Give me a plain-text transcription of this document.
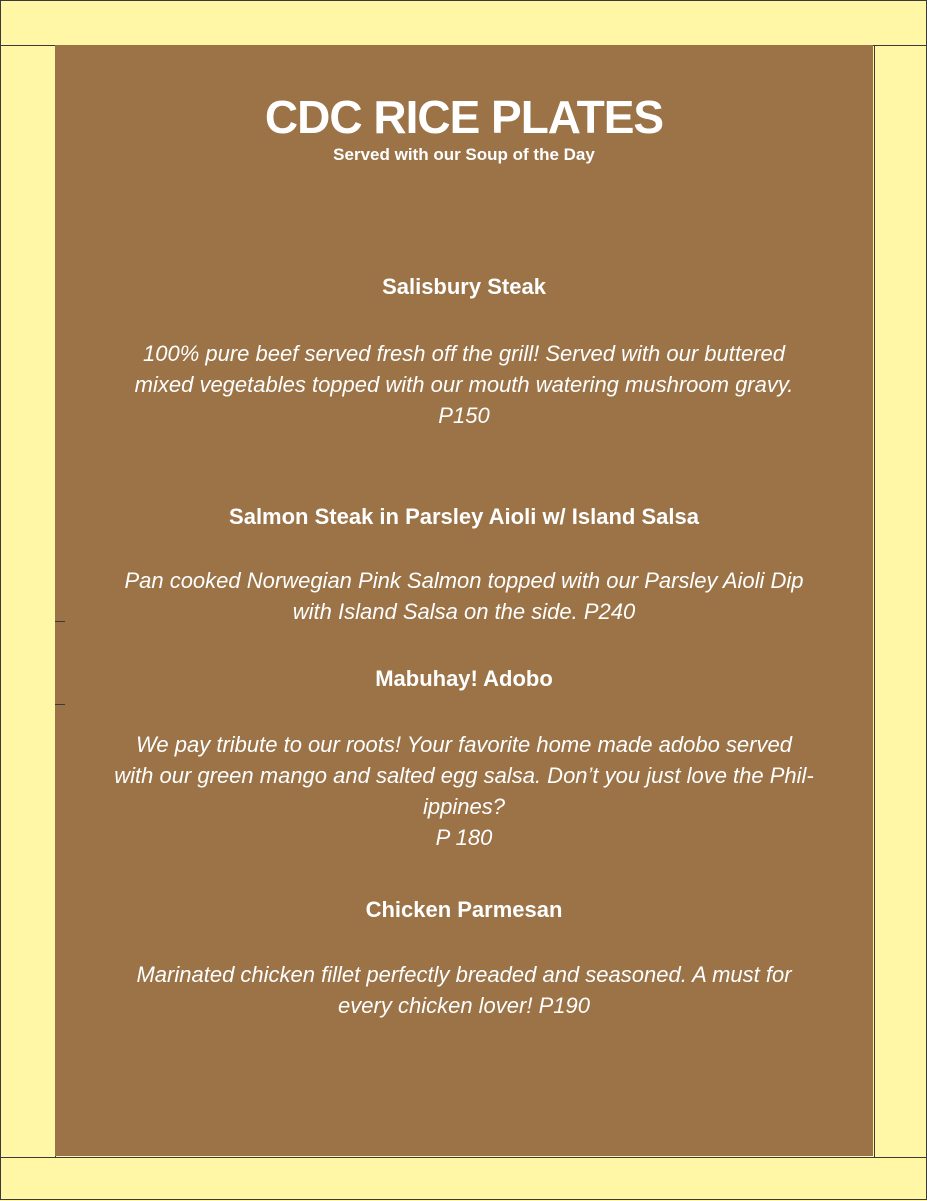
CDC RICE PLATES
Served with our Soup of the Day
Salisbury Steak
100% pure beef served fresh off the grill! Served with our buttered
mixed vegetables topped with our mouth watering mushroom gravy.
P150
Salmon Steak in Parsley Aioli w/ Island Salsa
Pan cooked Norwegian Pink Salmon topped with our Parsley Aioli Dip
with Island Salsa on the side. P240
Mabuhay! Adobo
We pay tribute to our roots! Your favorite home made adobo served
with our green mango and salted egg salsa. Don’t you just love the Phil-
ippines?
P 180
Chicken Parmesan
Marinated chicken fillet perfectly breaded and seasoned. A must for
every chicken lover! P190
